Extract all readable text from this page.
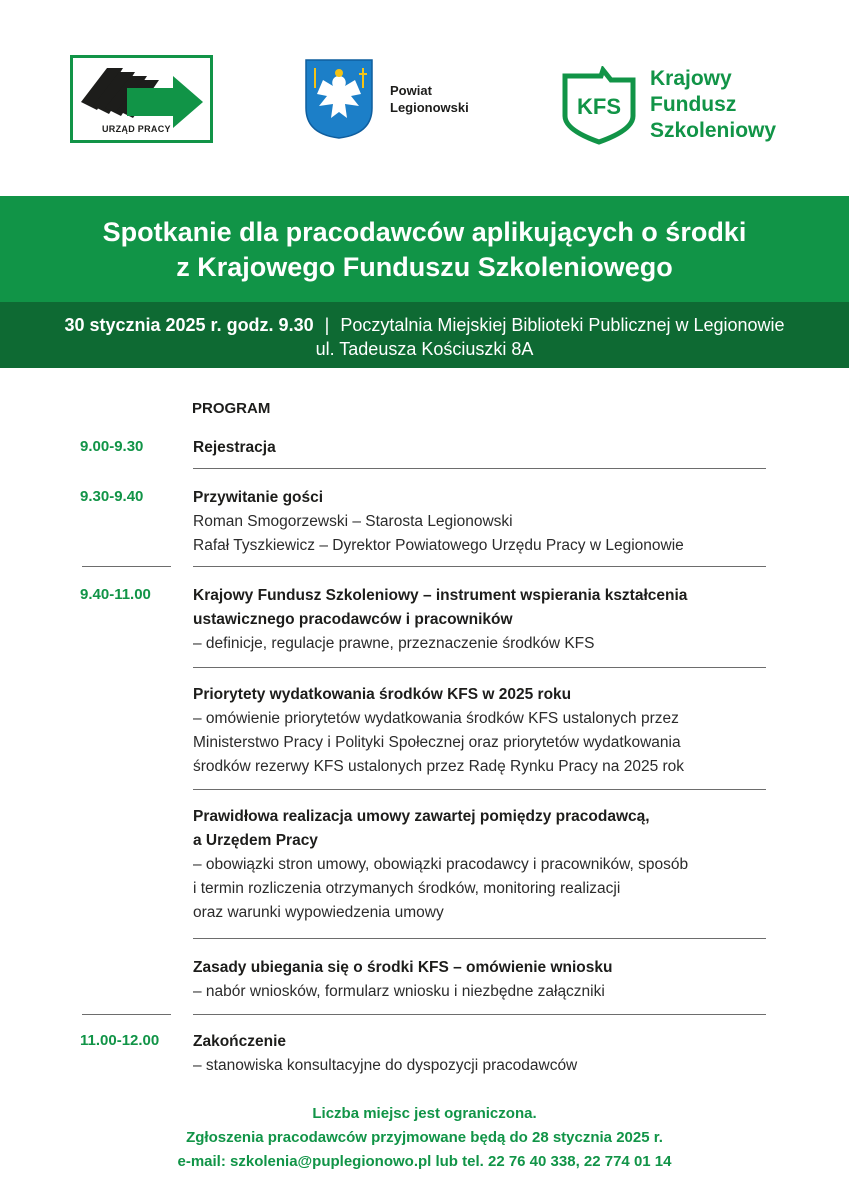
URZĄD PRACY
Powiat
Legionowski	KFS
Krajowy
Fundusz
Szkoleniowy
Spotkanie dla pracodawców aplikujących o środki
z Krajowego Funduszu Szkoleniowego
30 stycznia 2025 r. godz. 9.30 | Poczytalnia Miejskiej Biblioteki Publicznej w Legionowie
ul. Tadeusza Kościuszki 8A
PROGRAM
9.00-9.30	Rejestracja
9.30-9.40	Przywitanie gości
Roman Smogorzewski – Starosta Legionowski
Rafał Tyszkiewicz – Dyrektor Powiatowego Urzędu Pracy w Legionowie
9.40-11.00	Krajowy Fundusz Szkoleniowy – instrument wspierania kształcenia
ustawicznego pracodawców i pracowników
– definicje, regulacje prawne, przeznaczenie środków KFS
Priorytety wydatkowania środków KFS w 2025 roku
– omówienie priorytetów wydatkowania środków KFS ustalonych przez
Ministerstwo Pracy i Polityki Społecznej oraz priorytetów wydatkowania
środków rezerwy KFS ustalonych przez Radę Rynku Pracy na 2025 rok
Prawidłowa realizacja umowy zawartej pomiędzy pracodawcą,
a Urzędem Pracy
– obowiązki stron umowy, obowiązki pracodawcy i pracowników, sposób
i termin rozliczenia otrzymanych środków, monitoring realizacji
oraz warunki wypowiedzenia umowy
Zasady ubiegania się o środki KFS – omówienie wniosku
– nabór wniosków, formularz wniosku i niezbędne załączniki
11.00-12.00 Zakończenie
– stanowiska konsultacyjne do dyspozycji pracodawców
Liczba miejsc jest ograniczona.
Zgłoszenia pracodawców przyjmowane będą do 28 stycznia 2025 r.
e-mail: szkolenia@puplegionowo.pl lub tel. 22 76 40 338, 22 774 01 14
